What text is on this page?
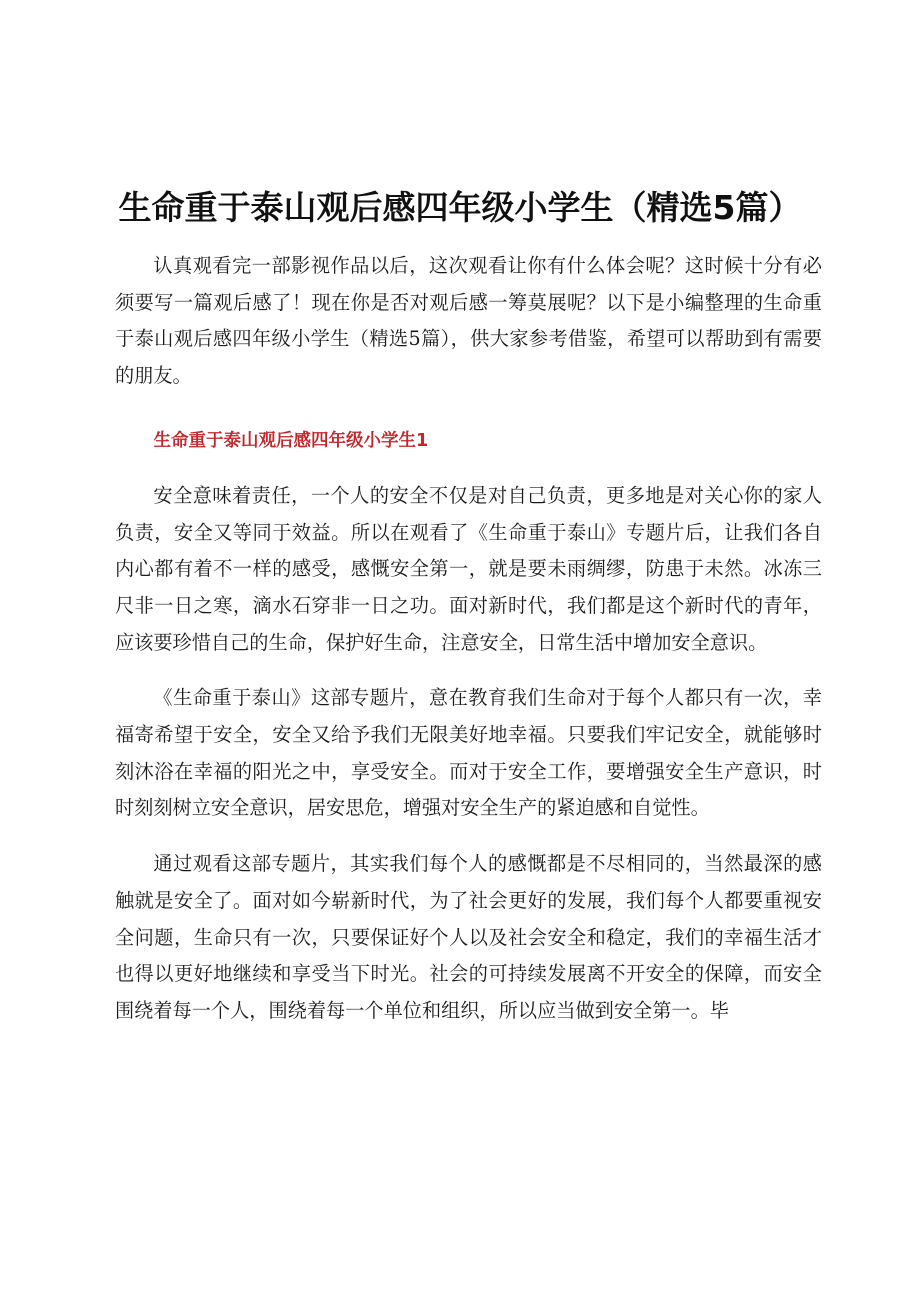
生命重于泰山观后感四年级小学生（精选5篇）

认真观看完一部影视作品以后，这次观看让你有什么体会呢？这时候十分有必须要写一篇观后感了！现在你是否对观后感一筹莫展呢？以下是小编整理的生命重于泰山观后感四年级小学生（精选5篇），供大家参考借鉴，希望可以帮助到有需要的朋友。

生命重于泰山观后感四年级小学生1

安全意味着责任，一个人的安全不仅是对自己负责，更多地是对关心你的家人负责，安全又等同于效益。所以在观看了《生命重于泰山》专题片后，让我们各自内心都有着不一样的感受，感慨安全第一，就是要未雨绸缪，防患于未然。冰冻三尺非一日之寒，滴水石穿非一日之功。面对新时代，我们都是这个新时代的青年，应该要珍惜自己的生命，保护好生命，注意安全，日常生活中增加安全意识。

《生命重于泰山》这部专题片，意在教育我们生命对于每个人都只有一次，幸福寄希望于安全，安全又给予我们无限美好地幸福。只要我们牢记安全，就能够时刻沐浴在幸福的阳光之中，享受安全。而对于安全工作，要增强安全生产意识，时时刻刻树立安全意识，居安思危，增强对安全生产的紧迫感和自觉性。

通过观看这部专题片，其实我们每个人的感慨都是不尽相同的，当然最深的感触就是安全了。面对如今崭新时代，为了社会更好的发展，我们每个人都要重视安全问题，生命只有一次，只要保证好个人以及社会安全和稳定，我们的幸福生活才也得以更好地继续和享受当下时光。社会的可持续发展离不开安全的保障，而安全围绕着每一个人，围绕着每一个单位和组织，所以应当做到安全第一。毕
